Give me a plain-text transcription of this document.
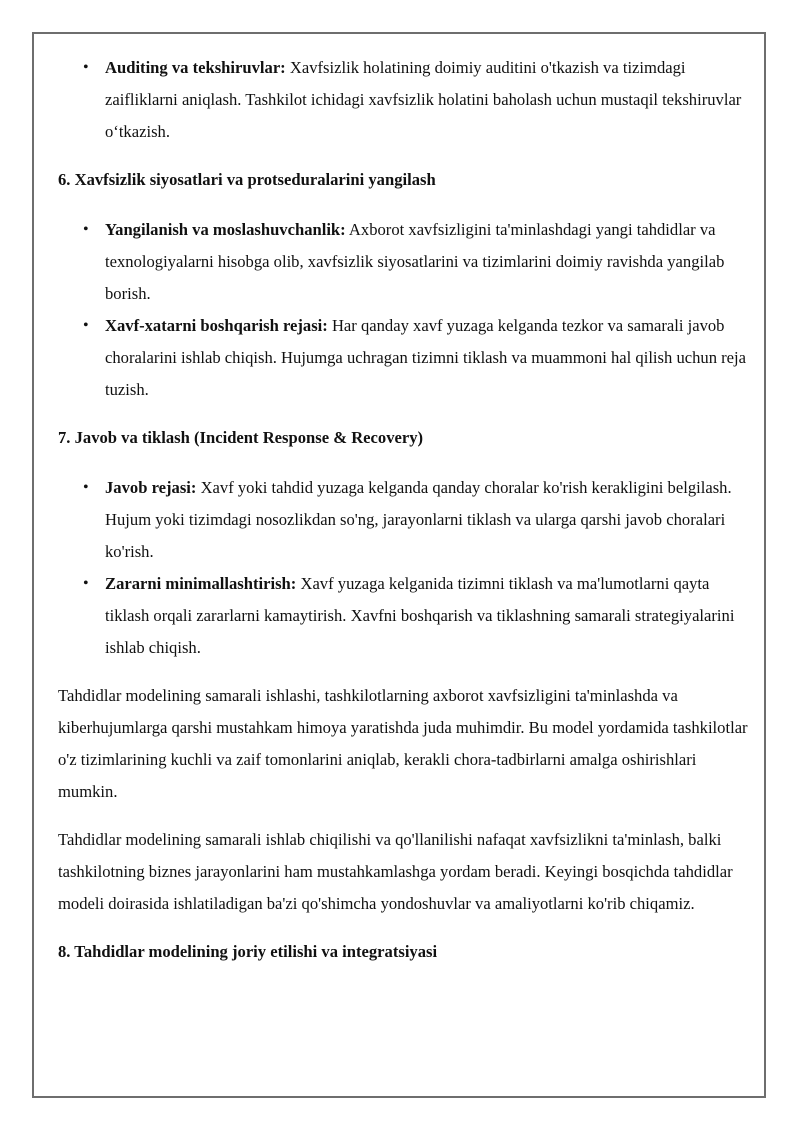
• Auditing va tekshiruvlar: Xavfsizlik holatining doimiy auditini o'tkazish va tizimdagi zaifliklarni aniqlash. Tashkilot ichidagi xavfsizlik holatini baholash uchun mustaqil tekshiruvlar o‘tkazish.
6. Xavfsizlik siyosatlari va protseduralarini yangilash
• Yangilanish va moslashuvchanlik: Axborot xavfsizligini ta'minlashdagi yangi tahdidlar va texnologiyalarni hisobga olib, xavfsizlik siyosatlarini va tizimlarini doimiy ravishda yangilab borish.
• Xavf-xatarni boshqarish rejasi: Har qanday xavf yuzaga kelganda tezkor va samarali javob choralarini ishlab chiqish. Hujumga uchragan tizimni tiklash va muammoni hal qilish uchun reja tuzish.
7. Javob va tiklash (Incident Response & Recovery)
• Javob rejasi: Xavf yoki tahdid yuzaga kelganda qanday choralar ko'rish kerakligini belgilash. Hujum yoki tizimdagi nosozlikdan so'ng, jarayonlarni tiklash va ularga qarshi javob choralari ko'rish.
• Zararni minimallashtirish: Xavf yuzaga kelganida tizimni tiklash va ma'lumotlarni qayta tiklash orqali zararlarni kamaytirish. Xavfni boshqarish va tiklashning samarali strategiyalarini ishlab chiqish.

Tahdidlar modelining samarali ishlashi, tashkilotlarning axborot xavfsizligini ta'minlashda va kiberhujumlarga qarshi mustahkam himoya yaratishda juda muhimdir. Bu model yordamida tashkilotlar o'z tizimlarining kuchli va zaif tomonlarini aniqlab, kerakli chora-tadbirlarni amalga oshirishlari mumkin.

Tahdidlar modelining samarali ishlab chiqilishi va qo'llanilishi nafaqat xavfsizlikni ta'minlash, balki tashkilotning biznes jarayonlarini ham mustahkamlashga yordam beradi. Keyingi bosqichda tahdidlar modeli doirasida ishlatiladigan ba'zi qo'shimcha yondoshuvlar va amaliyotlarni ko'rib chiqamiz.

8. Tahdidlar modelining joriy etilishi va integratsiyasi
